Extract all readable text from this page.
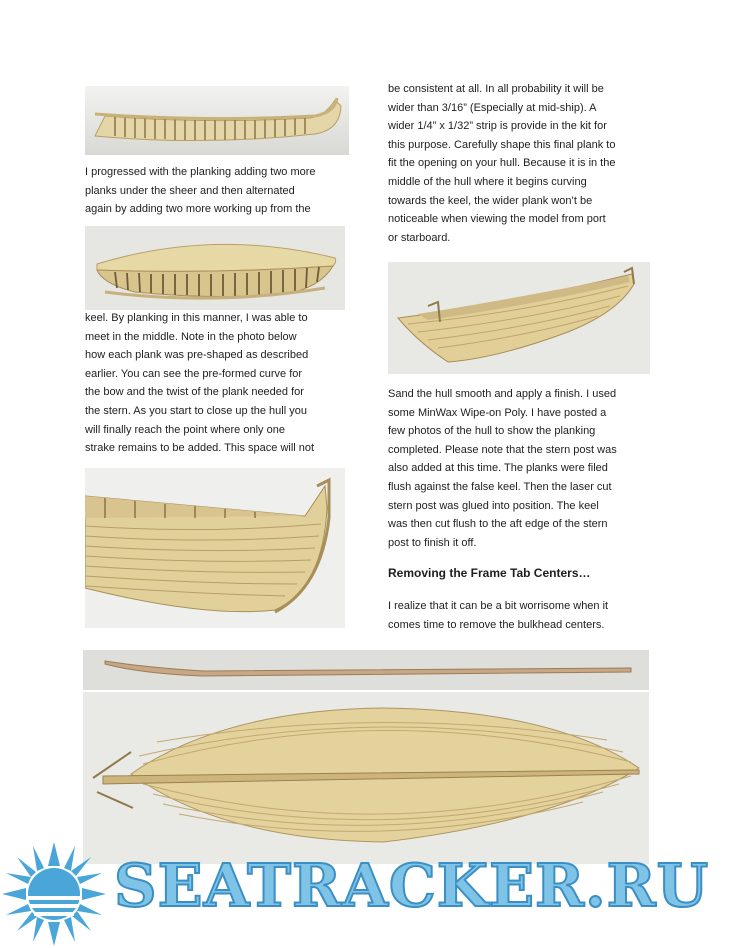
I progressed with the planking adding two more
planks under the sheer and then alternated
again by adding two more working up from the

keel. By planking in this manner, I was able to
meet in the middle. Note in the photo below
how each plank was pre-shaped as described
earlier. You can see the pre-formed curve for
the bow and the twist of the plank needed for
the stern. As you start to close up the hull you
will finally reach the point where only one
strake remains to be added. This space will not

be consistent at all. In all probability it will be
wider than 3/16” (Especially at mid-ship). A
wider 1/4” x 1/32” strip is provide in the kit for
this purpose. Carefully shape this final plank to
fit the opening on your hull. Because it is in the
middle of the hull where it begins curving
towards the keel, the wider plank won’t be
noticeable when viewing the model from port
or starboard.

Sand the hull smooth and apply a finish. I used
some MinWax Wipe-on Poly. I have posted a
few photos of the hull to show the planking
completed. Please note that the stern post was
also added at this time. The planks were filed
flush against the false keel. Then the laser cut
stern post was glued into position. The keel
was then cut flush to the aft edge of the stern
post to finish it off.

Removing the Frame Tab Centers…

I realize that it can be a bit worrisome when it
comes time to remove the bulkhead centers.

SEATRACKER.RU
